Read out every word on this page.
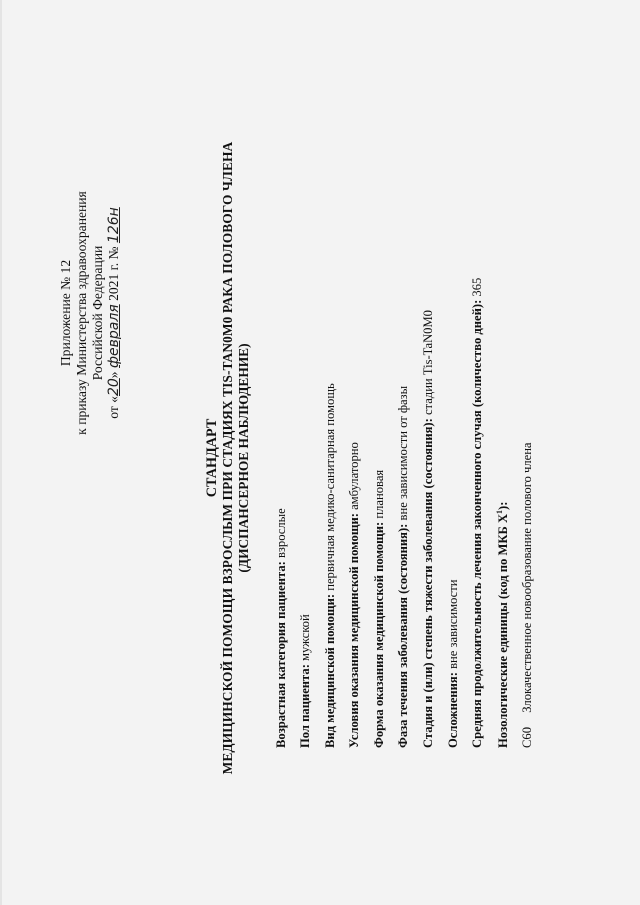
Приложение № 12 к приказу Министерства здравоохранения Российской Федерации
от «20» февраля 2021 г. № 126н
СТАНДАРТ МЕДИЦИНСКОЙ ПОМОЩИ ВЗРОСЛЫМ ПРИ СТАДИЯХ TIS-TAN0M0 РАКА ПОЛОВОГО ЧЛЕНА (ДИСПАНСЕРНОЕ НАБЛЮДЕНИЕ)
Возрастная категория пациента: взрослые
Пол пациента: мужской Вид медицинской помощи: первичная медико-санитарная помощь
Условия оказания медицинской помощи: амбулаторно
Форма оказания медицинской помощи: плановая
Фаза течения заболевания (состояния): вне зависимости от фазы Стадия и (или) степень тяжести заболевания (состояния): стадии Tis-TaN0M0
Осложнения: вне зависимости Средняя продолжительность лечения законченного случая (количество дней): 365
Нозологические единицы (код по МКБ $X^1$):
C60  Злокачественное новообразование полового члена
